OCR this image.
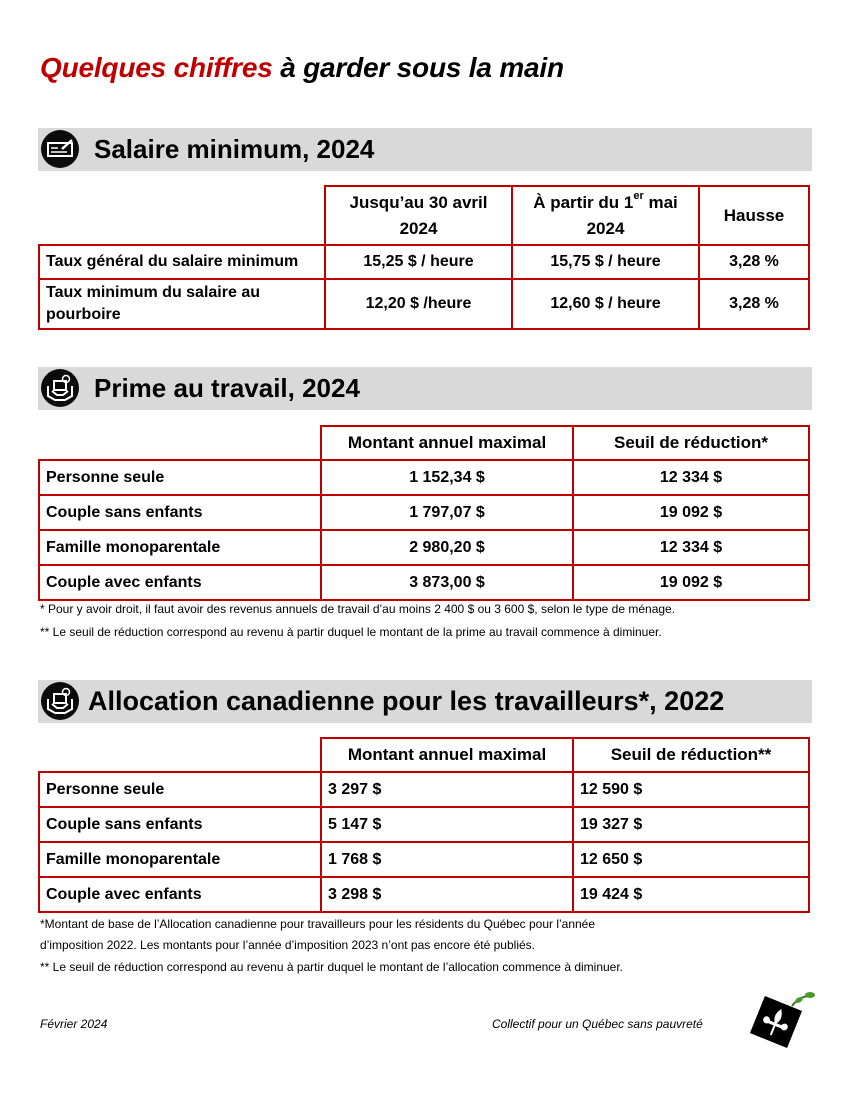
Quelques chiffres à garder sous la main
Salaire minimum, 2024
	Jusqu’au 30 avril 2024	À partir du 1er mai 2024	Hausse
Taux général du salaire minimum	15,25 $ / heure	15,75 $ / heure	3,28 %
Taux minimum du salaire au pourboire	12,20 $ /heure	12,60 $ / heure	3,28 %
Prime au travail, 2024
	Montant annuel maximal	Seuil de réduction*
Personne seule	1 152,34 $	12 334 $
Couple sans enfants	1 797,07 $	19 092 $
Famille monoparentale	2 980,20 $	12 334 $
Couple avec enfants	3 873,00 $	19 092 $

* Pour y avoir droit, il faut avoir des revenus annuels de travail d’au moins 2 400 $ ou 3 600 $, selon le type de ménage.

** Le seuil de réduction correspond au revenu à partir duquel le montant de la prime au travail commence à diminuer.

Allocation canadienne pour les travailleurs*, 2022
	Montant annuel maximal	Seuil de réduction**
Personne seule	3 297 $	12 590 $
Couple sans enfants	5 147 $	19 327 $
Famille monoparentale	1 768 $	12 650 $
Couple avec enfants	3 298 $	19 424 $

*Montant de base de l’Allocation canadienne pour travailleurs pour les résidents du Québec pour l’année

d’imposition 2022. Les montants pour l’année d’imposition 2023 n’ont pas encore été publiés.

** Le seuil de réduction correspond au revenu à partir duquel le montant de l’allocation commence à diminuer.

Février 2024	Collectif pour un Québec sans pauvreté
